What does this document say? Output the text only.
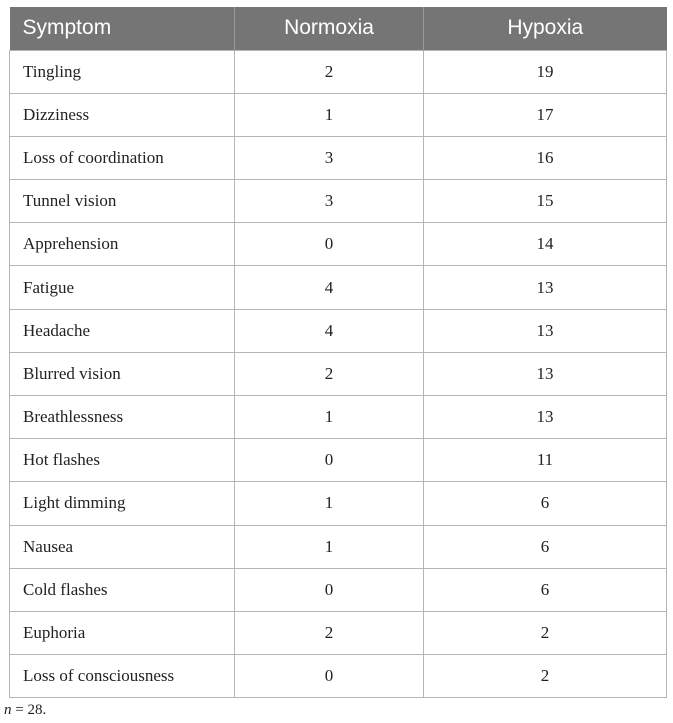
Symptom	Normoxia	Hypoxia
Tingling	2	19
Dizziness	1	17
Loss of coordination	3	16
Tunnel vision	3	15
Apprehension	0	14
Fatigue	4	13
Headache	4	13
Blurred vision	2	13
Breathlessness	1	13
Hot flashes	0	11
Light dimming	1	6
Nausea	1	6
Cold flashes	0	6
Euphoria	2	2
Loss of consciousness	0	2
n = 28.
